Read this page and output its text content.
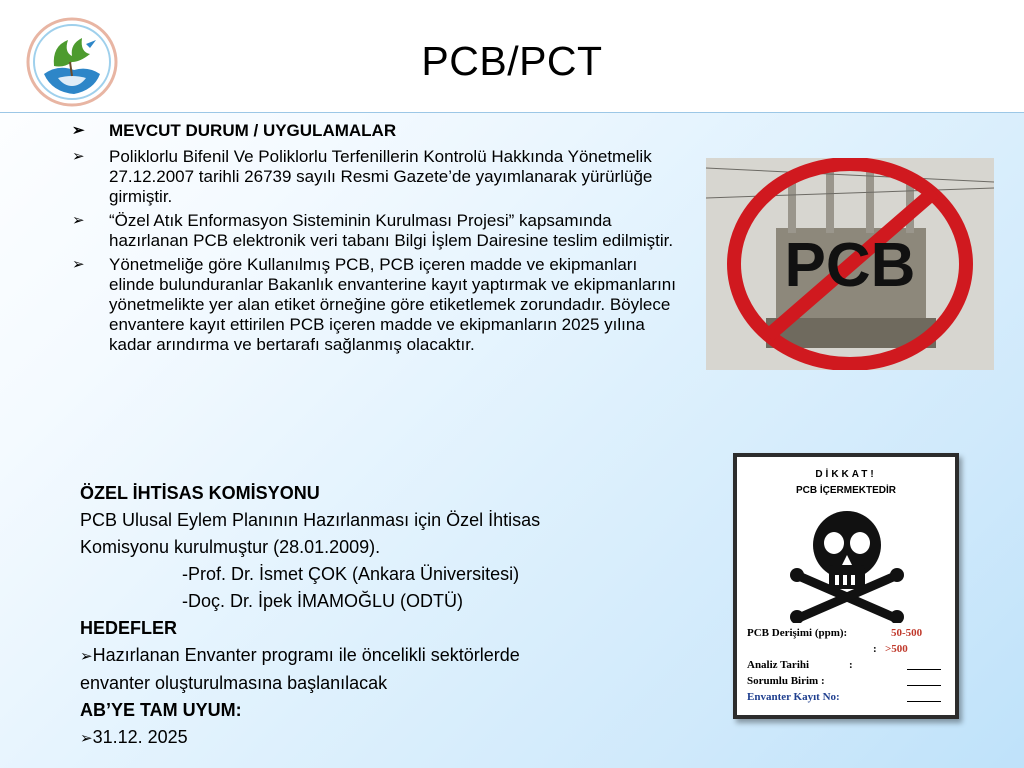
PCB/PCT
➢ MEVCUT DURUM / UYGULAMALAR
➢ Poliklorlu Bifenil Ve Poliklorlu Terfenillerin Kontrolü Hakkında Yönetmelik 27.12.2007 tarihli 26739 sayılı Resmi Gazete’de yayımlanarak yürürlüğe girmiştir.
➢ “Özel Atık Enformasyon Sisteminin Kurulması Projesi” kapsamında hazırlanan PCB elektronik veri tabanı Bilgi İşlem Dairesine teslim edilmiştir.
➢ Yönetmeliğe göre Kullanılmış PCB, PCB içeren madde ve ekipmanları elinde bulunduranlar Bakanlık envanterine kayıt yaptırmak ve ekipmanlarını yönetmelikte yer alan etiket örneğine göre etiketlemek zorundadır. Böylece envantere kayıt ettirilen PCB içeren madde ve ekipmanların 2025 yılına kadar arındırma ve bertarafı sağlanmış olacaktır.
PCB
DİKKAT!
PCB İÇERMEKTEDİR
PCB Derişimi (ppm):	50-500
: >500
Analiz Tarihi	:
Sorumlu Birim :
Envanter Kayıt No:
ÖZEL İHTİSAS KOMİSYONU
PCB Ulusal Eylem Planının Hazırlanması için Özel İhtisas
Komisyonu kurulmuştur (28.01.2009).
-Prof. Dr. İsmet ÇOK (Ankara Üniversitesi)
-Doç. Dr. İpek İMAMOĞLU (ODTÜ)
HEDEFLER
➢Hazırlanan Envanter programı ile öncelikli sektörlerde
envanter oluşturulmasına başlanılacak
AB’YE TAM UYUM:
➢31.12. 2025
